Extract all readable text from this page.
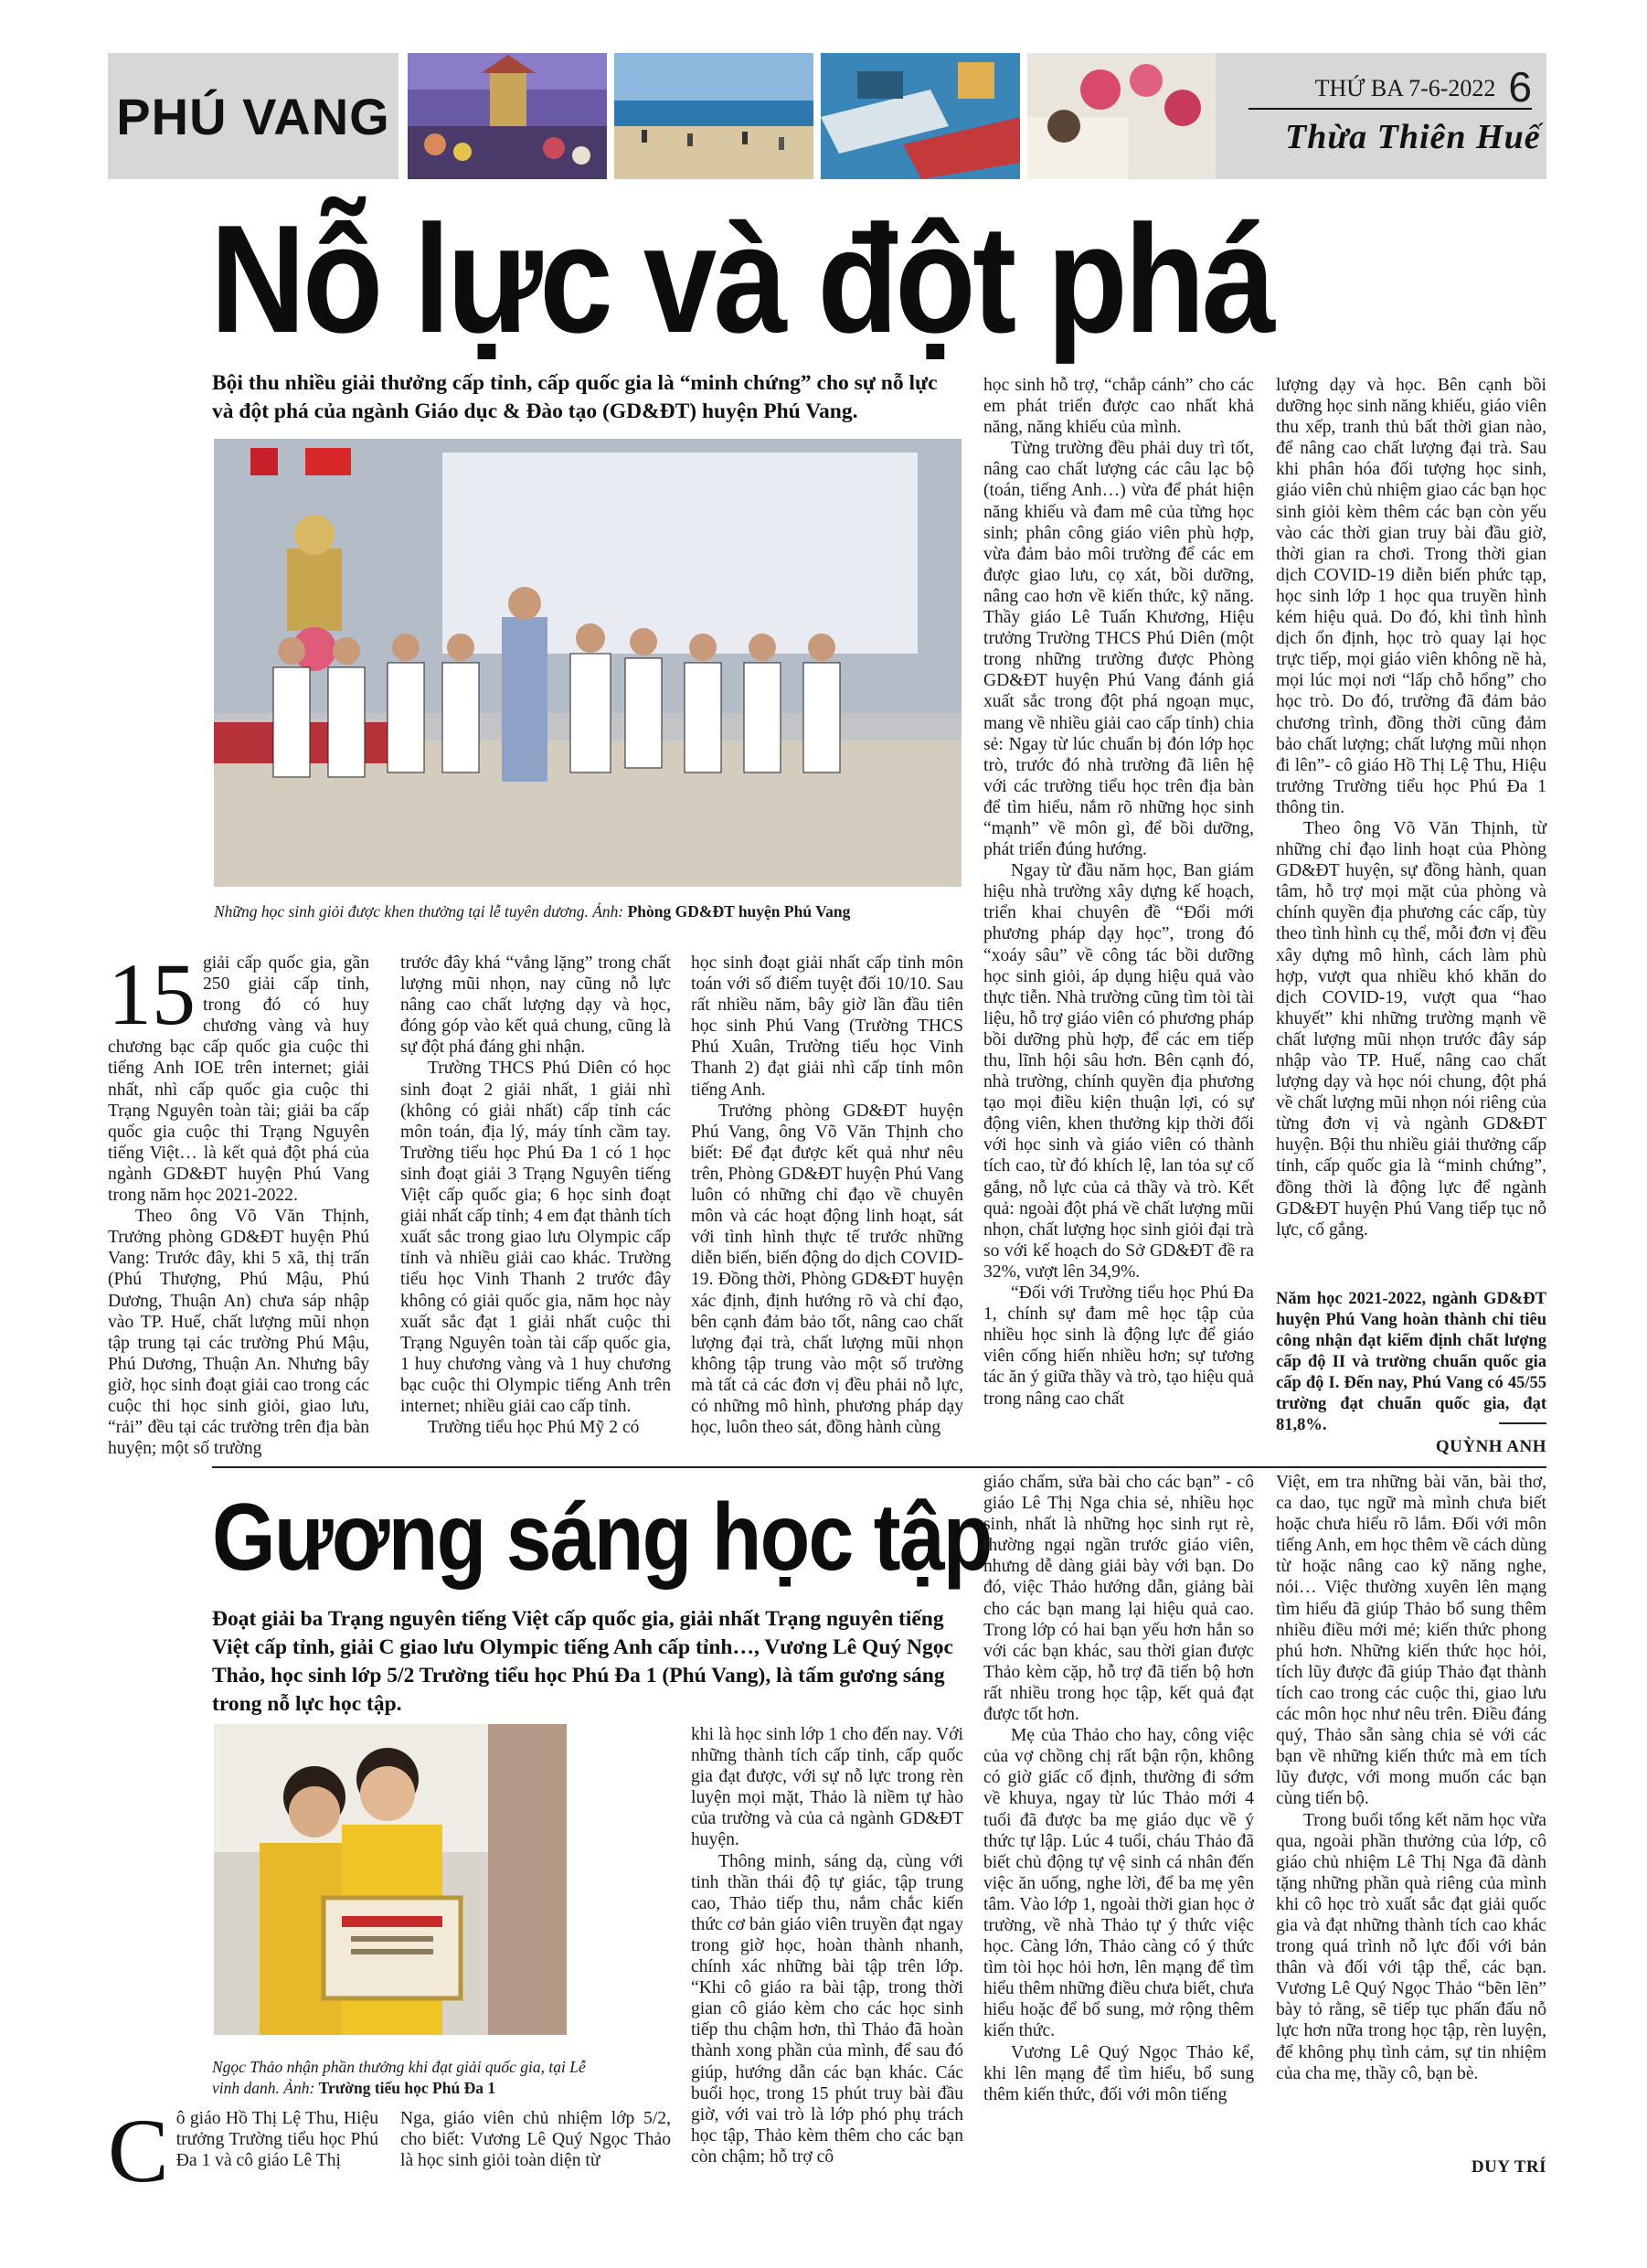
PHÚ VANG	THỨ BA 7-6-2022 6
Thừa Thiên Huế
Nỗ lực và đột phá
Bội thu nhiều giải thưởng cấp tỉnh, cấp quốc gia là “minh chứng” cho sự nỗ lực và đột phá của ngành Giáo dục & Đào tạo (GD&ĐT) huyện Phú Vang.
Những học sinh giỏi được khen thưởng tại lễ tuyên dương. Ảnh: Phòng GD&ĐT huyện Phú Vang
15 giải cấp quốc gia, gần 250 giải cấp tỉnh, trong đó có huy chương vàng và huy chương bạc cấp quốc gia cuộc thi tiếng Anh IOE trên internet; giải nhất, nhì cấp quốc gia cuộc thi Trạng Nguyên toàn tài; giải ba cấp quốc gia cuộc thi Trạng Nguyên tiếng Việt… là kết quả đột phá của ngành GD&ĐT huyện Phú Vang trong năm học 2021-2022.

Theo ông Võ Văn Thịnh, Trưởng phòng GD&ĐT huyện Phú Vang: Trước đây, khi 5 xã, thị trấn (Phú Thượng, Phú Mậu, Phú Dương, Thuận An) chưa sáp nhập vào TP. Huế, chất lượng mũi nhọn tập trung tại các trường Phú Mậu, Phú Dương, Thuận An. Nhưng bây giờ, học sinh đoạt giải cao trong các cuộc thi học sinh giỏi, giao lưu, “rải” đều tại các trường trên địa bàn huyện; một số trường

trước đây khá “vắng lặng” trong chất lượng mũi nhọn, nay cũng nỗ lực nâng cao chất lượng dạy và học, đóng góp vào kết quả chung, cũng là sự đột phá đáng ghi nhận.

Trường THCS Phú Diên có học sinh đoạt 2 giải nhất, 1 giải nhì (không có giải nhất) cấp tỉnh các môn toán, địa lý, máy tính cầm tay. Trường tiểu học Phú Đa 1 có 1 học sinh đoạt giải 3 Trạng Nguyên tiếng Việt cấp quốc gia; 6 học sinh đoạt giải nhất cấp tỉnh; 4 em đạt thành tích xuất sắc trong giao lưu Olympic cấp tỉnh và nhiều giải cao khác. Trường tiểu học Vinh Thanh 2 trước đây không có giải quốc gia, năm học này xuất sắc đạt 1 giải nhất cuộc thi Trạng Nguyên toàn tài cấp quốc gia, 1 huy chương vàng và 1 huy chương bạc cuộc thi Olympic tiếng Anh trên internet; nhiều giải cao cấp tỉnh.

Trường tiểu học Phú Mỹ 2 có

học sinh đoạt giải nhất cấp tỉnh môn toán với số điểm tuyệt đối 10/10. Sau rất nhiều năm, bây giờ lần đầu tiên học sinh Phú Vang (Trường THCS Phú Xuân, Trường tiểu học Vinh Thanh 2) đạt giải nhì cấp tỉnh môn tiếng Anh.

Trưởng phòng GD&ĐT huyện Phú Vang, ông Võ Văn Thịnh cho biết: Để đạt được kết quả như nêu trên, Phòng GD&ĐT huyện Phú Vang luôn có những chỉ đạo về chuyên môn và các hoạt động linh hoạt, sát với tình hình thực tế trước những diễn biến, biến động do dịch COVID-19. Đồng thời, Phòng GD&ĐT huyện xác định, định hướng rõ và chỉ đạo, bên cạnh đảm bảo tốt, nâng cao chất lượng đại trà, chất lượng mũi nhọn không tập trung vào một số trường mà tất cả các đơn vị đều phải nỗ lực, có những mô hình, phương pháp dạy học, luôn theo sát, đồng hành cùng

học sinh hỗ trợ, “chắp cánh” cho các em phát triển được cao nhất khả năng, năng khiếu của mình.

Từng trường đều phải duy trì tốt, nâng cao chất lượng các câu lạc bộ (toán, tiếng Anh…) vừa để phát hiện năng khiếu và đam mê của từng học sinh; phân công giáo viên phù hợp, vừa đảm bảo môi trường để các em được giao lưu, cọ xát, bồi dưỡng, nâng cao hơn về kiến thức, kỹ năng. Thầy giáo Lê Tuấn Khương, Hiệu trưởng Trường THCS Phú Diên (một trong những trường được Phòng GD&ĐT huyện Phú Vang đánh giá xuất sắc trong đột phá ngoạn mục, mang về nhiều giải cao cấp tỉnh) chia sẻ: Ngay từ lúc chuẩn bị đón lớp học trò, trước đó nhà trường đã liên hệ với các trường tiểu học trên địa bàn để tìm hiểu, nắm rõ những học sinh “mạnh” về môn gì, để bồi dưỡng, phát triển đúng hướng.

Ngay từ đầu năm học, Ban giám hiệu nhà trường xây dựng kế hoạch, triển khai chuyên đề “Đổi mới phương pháp dạy học”, trong đó “xoáy sâu” về công tác bồi dưỡng học sinh giỏi, áp dụng hiệu quả vào thực tiễn. Nhà trường cũng tìm tòi tài liệu, hỗ trợ giáo viên có phương pháp bồi dưỡng phù hợp, để các em tiếp thu, lĩnh hội sâu hơn. Bên cạnh đó, nhà trường, chính quyền địa phương tạo mọi điều kiện thuận lợi, có sự động viên, khen thưởng kịp thời đối với học sinh và giáo viên có thành tích cao, từ đó khích lệ, lan tỏa sự cố gắng, nỗ lực của cả thầy và trò. Kết quả: ngoài đột phá về chất lượng mũi nhọn, chất lượng học sinh giỏi đại trà so với kế hoạch do Sở GD&ĐT đề ra 32%, vượt lên 34,9%.

“Đối với Trường tiểu học Phú Đa 1, chính sự đam mê học tập của nhiều học sinh là động lực để giáo viên cống hiến nhiều hơn; sự tương tác ăn ý giữa thầy và trò, tạo hiệu quả trong nâng cao chất

lượng dạy và học. Bên cạnh bồi dưỡng học sinh năng khiếu, giáo viên thu xếp, tranh thủ bất thời gian nào, để nâng cao chất lượng đại trà. Sau khi phân hóa đối tượng học sinh, giáo viên chủ nhiệm giao các bạn học sinh giỏi kèm thêm các bạn còn yếu vào các thời gian truy bài đầu giờ, thời gian ra chơi. Trong thời gian dịch COVID-19 diễn biến phức tạp, học sinh lớp 1 học qua truyền hình kém hiệu quả. Do đó, khi tình hình dịch ổn định, học trò quay lại học trực tiếp, mọi giáo viên không nề hà, mọi lúc mọi nơi “lấp chỗ hổng” cho học trò. Do đó, trường đã đảm bảo chương trình, đồng thời cũng đảm bảo chất lượng; chất lượng mũi nhọn đi lên”- cô giáo Hồ Thị Lệ Thu, Hiệu trưởng Trường tiểu học Phú Đa 1 thông tin.

Theo ông Võ Văn Thịnh, từ những chỉ đạo linh hoạt của Phòng GD&ĐT huyện, sự đồng hành, quan tâm, hỗ trợ mọi mặt của phòng và chính quyền địa phương các cấp, tùy theo tình hình cụ thể, mỗi đơn vị đều xây dựng mô hình, cách làm phù hợp, vượt qua nhiều khó khăn do dịch COVID-19, vượt qua “hao khuyết” khi những trường mạnh về chất lượng mũi nhọn trước đây sáp nhập vào TP. Huế, nâng cao chất lượng dạy và học nói chung, đột phá về chất lượng mũi nhọn nói riêng của từng đơn vị và ngành GD&ĐT huyện. Bội thu nhiều giải thưởng cấp tỉnh, cấp quốc gia là “minh chứng”, đồng thời là động lực để ngành GD&ĐT huyện Phú Vang tiếp tục nỗ lực, cố gắng.

Năm học 2021-2022, ngành GD&ĐT huyện Phú Vang hoàn thành chỉ tiêu công nhận đạt kiểm định chất lượng cấp độ II và trường chuẩn quốc gia cấp độ I. Đến nay, Phú Vang có 45/55 trường đạt chuẩn quốc gia, đạt 81,8%.
QUỲNH ANH
Gương sáng học tập
Đoạt giải ba Trạng nguyên tiếng Việt cấp quốc gia, giải nhất Trạng nguyên tiếng Việt cấp tỉnh, giải C giao lưu Olympic tiếng Anh cấp tỉnh…, Vương Lê Quý Ngọc Thảo, học sinh lớp 5/2 Trường tiểu học Phú Đa 1 (Phú Vang), là tấm gương sáng trong nỗ lực học tập.
Ngọc Thảo nhận phần thưởng khi đạt giải quốc gia, tại Lễ vinh danh. Ảnh: Trường tiểu học Phú Đa 1
C ô giáo Hồ Thị Lệ Thu, Hiệu trưởng Trường tiểu học Phú Đa 1 và cô giáo Lê Thị

Nga, giáo viên chủ nhiệm lớp 5/2, cho biết: Vương Lê Quý Ngọc Thảo là học sinh giỏi toàn diện từ

khi là học sinh lớp 1 cho đến nay. Với những thành tích cấp tỉnh, cấp quốc gia đạt được, với sự nỗ lực trong rèn luyện mọi mặt, Thảo là niềm tự hào của trường và của cả ngành GD&ĐT huyện.

Thông minh, sáng dạ, cùng với tinh thần thái độ tự giác, tập trung cao, Thảo tiếp thu, nắm chắc kiến thức cơ bản giáo viên truyền đạt ngay trong giờ học, hoàn thành nhanh, chính xác những bài tập trên lớp. “Khi cô giáo ra bài tập, trong thời gian cô giáo kèm cho các học sinh tiếp thu chậm hơn, thì Thảo đã hoàn thành xong phần của mình, để sau đó giúp, hướng dẫn các bạn khác. Các buổi học, trong 15 phút truy bài đầu giờ, với vai trò là lớp phó phụ trách học tập, Thảo kèm thêm cho các bạn còn chậm; hỗ trợ cô

giáo chấm, sửa bài cho các bạn” - cô giáo Lê Thị Nga chia sẻ, nhiều học sinh, nhất là những học sinh rụt rè, thường ngại ngần trước giáo viên, nhưng dễ dàng giải bày với bạn. Do đó, việc Thảo hướng dẫn, giảng bài cho các bạn mang lại hiệu quả cao. Trong lớp có hai bạn yếu hơn hẳn so với các bạn khác, sau thời gian được Thảo kèm cặp, hỗ trợ đã tiến bộ hơn rất nhiều trong học tập, kết quả đạt được tốt hơn.

Mẹ của Thảo cho hay, công việc của vợ chồng chị rất bận rộn, không có giờ giấc cố định, thường đi sớm về khuya, ngay từ lúc Thảo mới 4 tuổi đã được ba mẹ giáo dục về ý thức tự lập. Lúc 4 tuổi, cháu Thảo đã biết chủ động tự vệ sinh cá nhân đến việc ăn uống, nghe lời, để ba mẹ yên tâm. Vào lớp 1, ngoài thời gian học ở trường, về nhà Thảo tự ý thức việc học. Càng lớn, Thảo càng có ý thức tìm tòi học hỏi hơn, lên mạng để tìm hiểu thêm những điều chưa biết, chưa hiểu hoặc để bổ sung, mở rộng thêm kiến thức.

Vương Lê Quý Ngọc Thảo kể, khi lên mạng để tìm hiểu, bổ sung thêm kiến thức, đối với môn tiếng

Việt, em tra những bài văn, bài thơ, ca dao, tục ngữ mà mình chưa biết hoặc chưa hiểu rõ lắm. Đối với môn tiếng Anh, em học thêm về cách dùng từ hoặc nâng cao kỹ năng nghe, nói… Việc thường xuyên lên mạng tìm hiểu đã giúp Thảo bổ sung thêm nhiều điều mới mẻ; kiến thức phong phú hơn. Những kiến thức học hỏi, tích lũy được đã giúp Thảo đạt thành tích cao trong các cuộc thi, giao lưu các môn học như nêu trên. Điều đáng quý, Thảo sẵn sàng chia sẻ với các bạn về những kiến thức mà em tích lũy được, với mong muốn các bạn cùng tiến bộ.

Trong buổi tổng kết năm học vừa qua, ngoài phần thưởng của lớp, cô giáo chủ nhiệm Lê Thị Nga đã dành tặng những phần quà riêng của mình khi cô học trò xuất sắc đạt giải quốc gia và đạt những thành tích cao khác trong quá trình nỗ lực đối với bản thân và đối với tập thể, các bạn. Vương Lê Quý Ngọc Thảo “bẽn lẽn” bày tỏ rằng, sẽ tiếp tục phấn đấu nỗ lực hơn nữa trong học tập, rèn luyện, để không phụ tình cảm, sự tin nhiệm của cha mẹ, thầy cô, bạn bè.

DUY TRÍ
